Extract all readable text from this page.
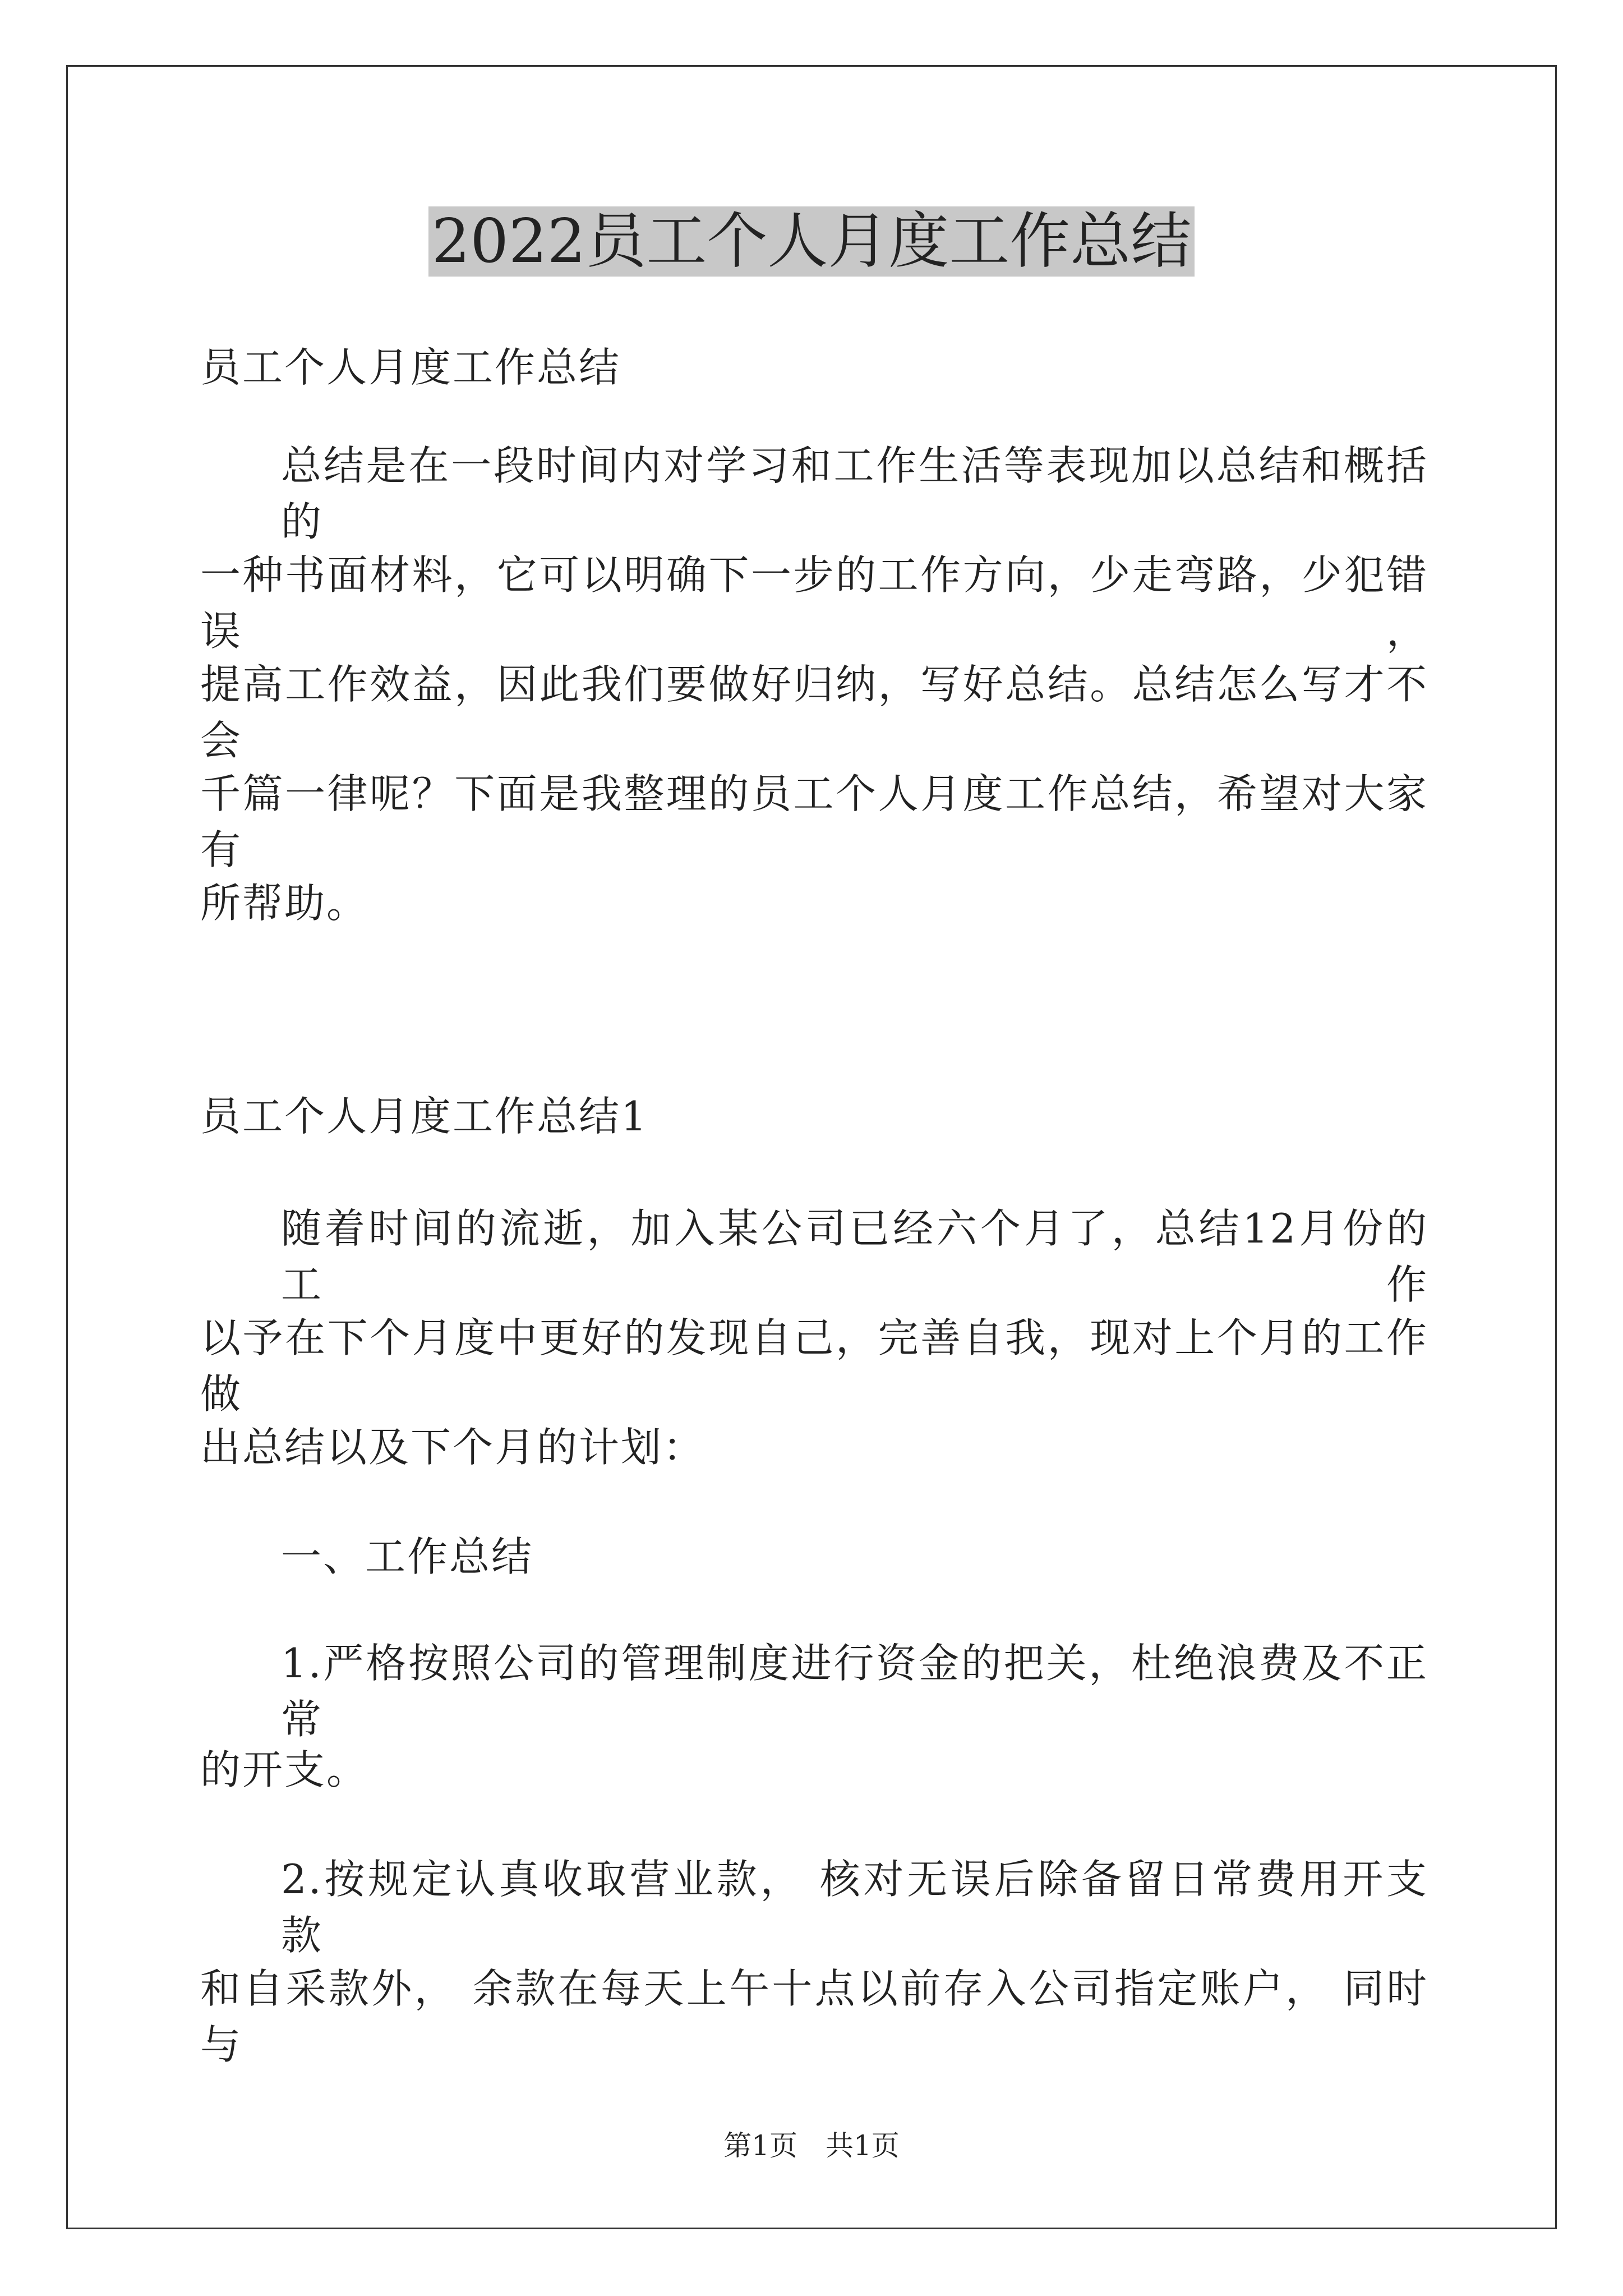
2022员工个人月度工作总结
员工个人月度工作总结
总结是在一段时间内对学习和工作生活等表现加以总结和概括的
一种书面材料，它可以明确下一步的工作方向，少走弯路，少犯错误，
提高工作效益，因此我们要做好归纳，写好总结。总结怎么写才不会
千篇一律呢？下面是我整理的员工个人月度工作总结，希望对大家有
所帮助。
员工个人月度工作总结1
随着时间的流逝，加入某公司已经六个月了，总结12月份的工作
以予在下个月度中更好的发现自己，完善自我，现对上个月的工作做
出总结以及下个月的计划：
一、工作总结
1.严格按照公司的管理制度进行资金的把关，杜绝浪费及不正常
的开支。
2.按规定认真收取营业款， 核对无误后除备留日常费用开支款
和自采款外， 余款在每天上午十点以前存入公司指定账户， 同时与
第1页　共1页
